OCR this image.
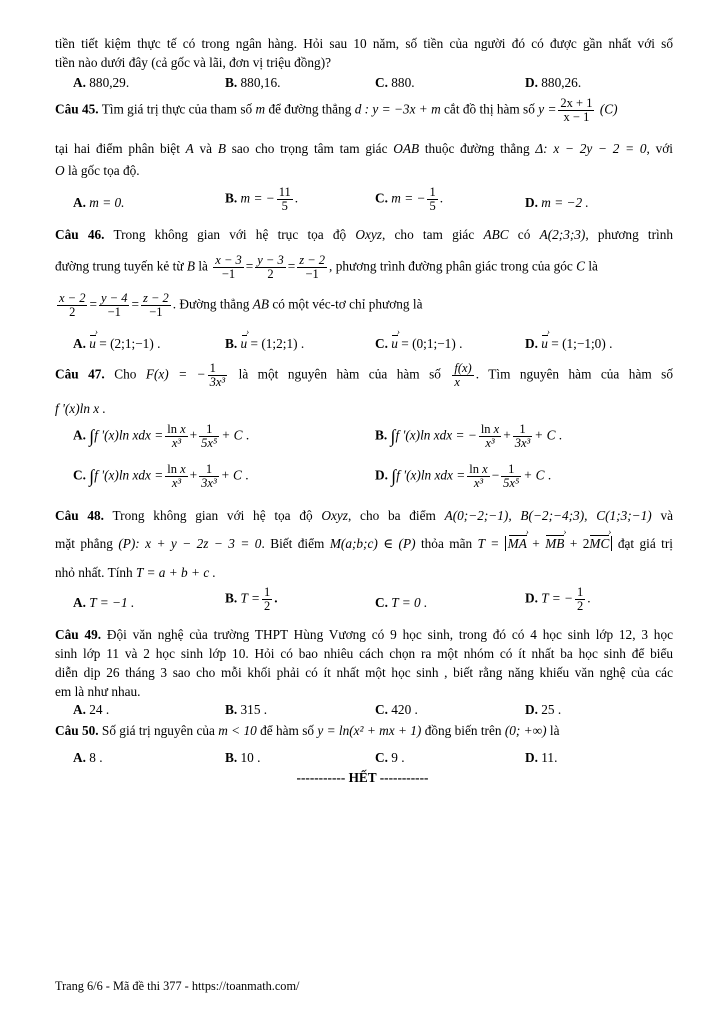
tiền tiết kiệm thực tế có trong ngân hàng. Hỏi sau 10 năm, số tiền của người đó có được gần nhất với số
tiền nào dưới đây (cả gốc và lãi, đơn vị triệu đồng)?
A. 880,29.	B. 880,16.	C. 880.	D. 880,26.
Câu 45. Tìm giá trị thực của tham số m để đường thẳng d : y = −3x + m cắt đồ thị hàm số $y = \frac{2x + 1}{x - 1} (C)$
tại hai điểm phân biệt A và B sao cho trọng tâm tam giác OAB thuộc đường thẳng Δ: x − 2y − 2 = 0, với
O là gốc tọa độ.
A. m = 0.	B. m = − $\frac{11}{5}$ .	C. m = − $\frac{1}{5}$ .	D. m = −2 .
Câu 46. Trong không gian với hệ trục tọa độ Oxyz, cho tam giác ABC có A(2;3;3), phương trình
đường trung tuyến kẻ từ B là $\frac{x - 3}{-1} = \frac{y - 3}{2} = \frac{z - 2}{-1}$ , phương trình đường phân giác trong của góc C là
$\frac{x - 2}{2} = \frac{y - 4}{-1} = \frac{z - 2}{-1}$ . Đường thẳng AB có một véc-tơ chỉ phương là
A. › u = (2;1;−1) .	B. › u = (1;2;1) .	C. › u = (0;1;−1) .	D. › u = (1;−1;0) .
Câu 47. Cho F(x) = − $\frac{1}{\text{3x³}}$ là một nguyên hàm của hàm số $\frac{f(x)}{x}$ . Tìm nguyên hàm của hàm số
f '(x)ln x .
A. ∫f '(x)ln xdx = $\frac{\text{ln x}}{\text{x³}} + \frac{1}{\text{5x⁵}} + C$ .	B. ∫f '(x)ln xdx = − $\frac{\text{ln x}}{\text{x³}} + \frac{1}{\text{3x³}} + C$ .
C. ∫f '(x)ln xdx = $\frac{\text{ln x}}{\text{x³}} + \frac{1}{\text{3x³}} + C$ .	D. ∫f '(x)ln xdx = $\frac{\text{ln x}}{\text{x³}} - \frac{1}{\text{5x⁵}} + C$ .
Câu 48. Trong không gian với hệ tọa độ Oxyz, cho ba điểm A(0;−2;−1), B(−2;−4;3), C(1;3;−1) và
mặt phẳng (P): x + y − 2z − 3 = 0. Biết điểm M(a;b;c) ∈ (P) thỏa mãn T = › MA + › MB + 2› MC đạt giá trị
nhỏ nhất. Tính T = a + b + c .
A. T = −1 .	B. $T = \frac{1}{2}$ .	C. T = 0 .	D. T = − $\frac{1}{2}$ .
Câu 49. Đội văn nghệ của trường THPT Hùng Vương có 9 học sinh, trong đó có 4 học sinh lớp 12, 3 học
sinh lớp 11 và 2 học sinh lớp 10. Hỏi có bao nhiêu cách chọn ra một nhóm có ít nhất ba học sinh để biểu
diễn dịp 26 tháng 3 sao cho mỗi khối phải có ít nhất một học sinh , biết rằng năng khiếu văn nghệ của các
em là như nhau.
A. 24 .	B. 315 .	C. 420 .	D. 25 .
Câu 50. Số giá trị nguyên của m < 10 để hàm số y = ln(x² + mx + 1) đồng biến trên (0; +∞) là
A. 8 .	B. 10 .	C. 9 .	D. 11.
----------- HẾT -----------
Trang 6/6 - Mã đề thi 377 - https://toanmath.com/
